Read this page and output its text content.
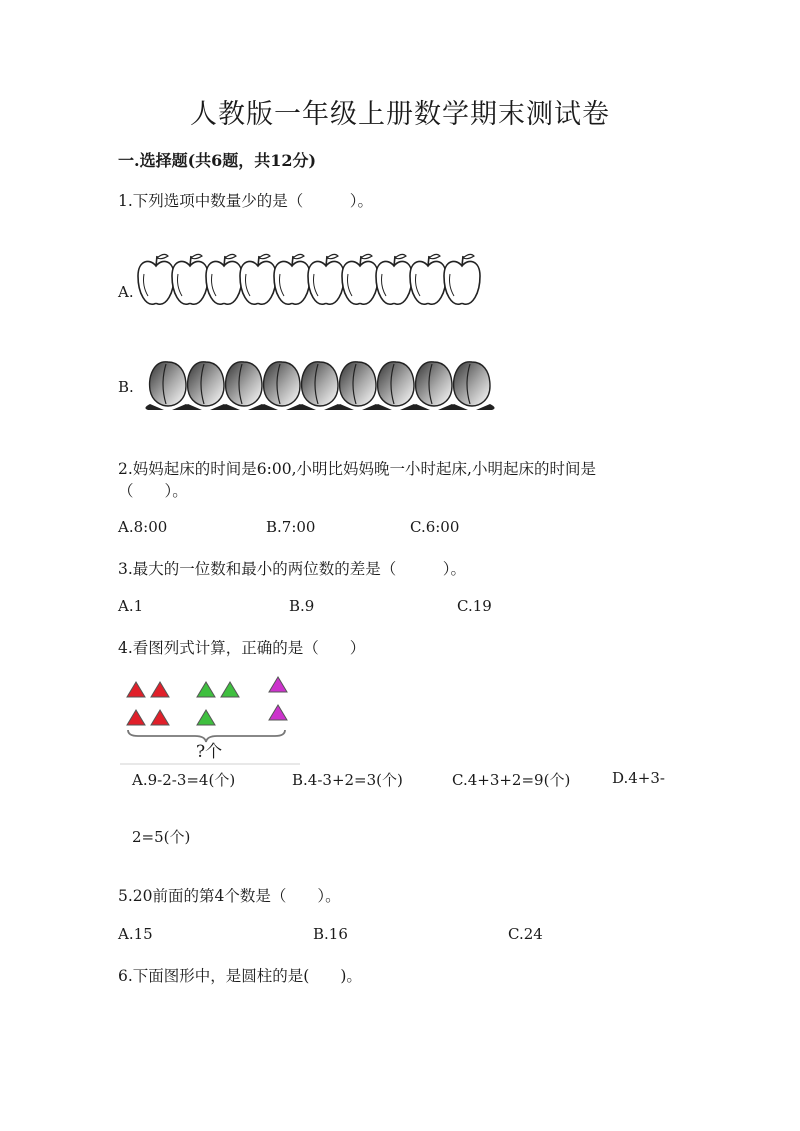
人教版一年级上册数学期末测试卷
一.选择题(共6题，共12分)
1.下列选项中数量少的是（　　　）。
A.
B.
2.妈妈起床的时间是6:00,小明比妈妈晚一小时起床,小明起床的时间是
（　　）。
A.8:00	B.7:00	C.6:00
3.最大的一位数和最小的两位数的差是（　　　）。
A.1	B.9	C.19
4.看图列式计算，正确的是（　　）
?个
A.9-2-3=4(个)	B.4-3+2=3(个)	C.4+3+2=9(个)	D.4+3-
2=5(个)
5.20前面的第4个数是（　　）。
A.15	B.16	C.24
6.下面图形中，是圆柱的是(　　)。
